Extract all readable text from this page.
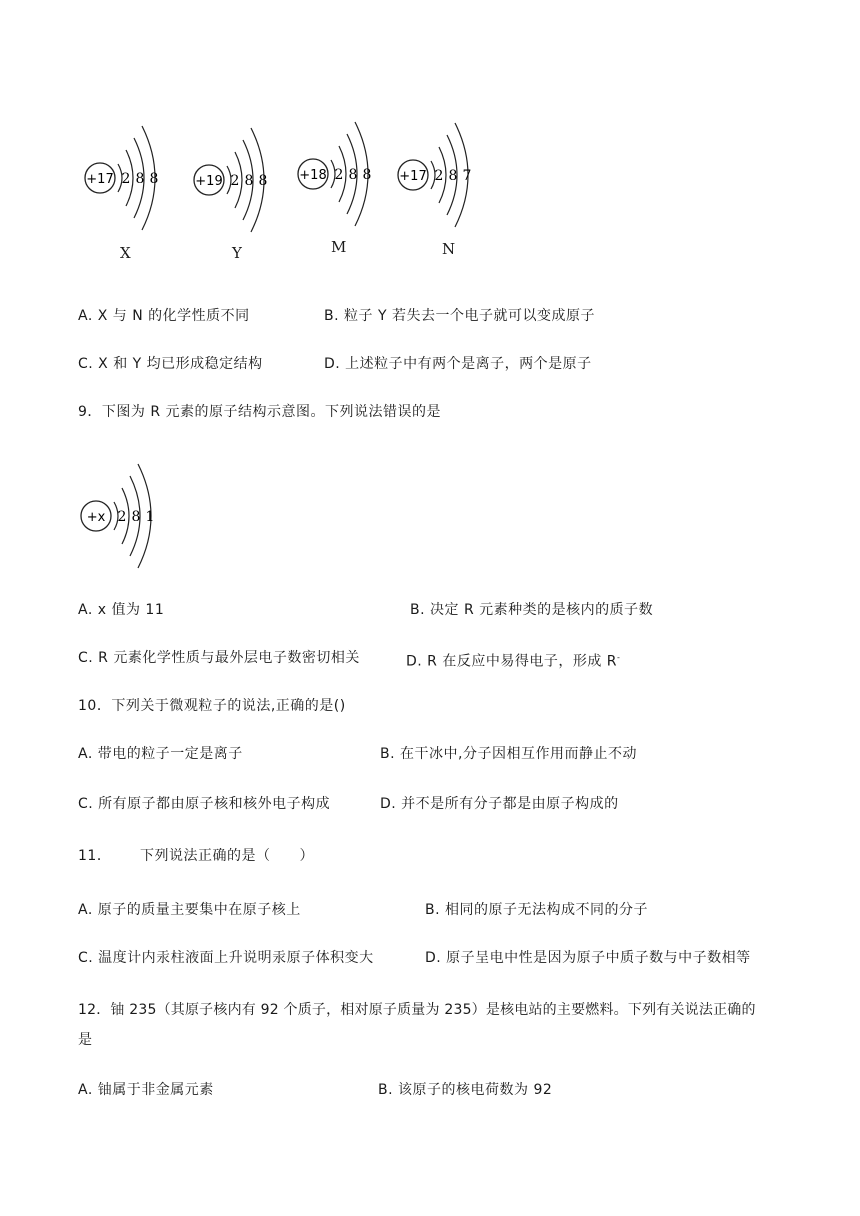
+17 2 8 8
X
+19 2 8 8
Y
+18 2 8 8
M
+17 2 8 7
N
A. X 与 N 的化学性质不同	B. 粒子 Y 若失去一个电子就可以变成原子
C. X 和 Y 均已形成稳定结构	D. 上述粒子中有两个是离子，两个是原子
9．下图为 R 元素的原子结构示意图。下列说法错误的是
+x 2 8 1
A. x 值为 11	B. 决定 R 元素种类的是核内的质子数
C. R 元素化学性质与最外层电子数密切相关	D. R 在反应中易得电子，形成 R-
10．下列关于微观粒子的说法,正确的是()
A. 带电的粒子一定是离子	B. 在干冰中,分子因相互作用而静止不动
C. 所有原子都由原子核和核外电子构成	D. 并不是所有分子都是由原子构成的
11． 下列说法正确的是（　　）
A. 原子的质量主要集中在原子核上	B. 相同的原子无法构成不同的分子
C. 温度计内汞柱液面上升说明汞原子体积变大	D. 原子呈电中性是因为原子中质子数与中子数相等
12．铀 235（其原子核内有 92 个质子，相对原子质量为 235）是核电站的主要燃料。下列有关说法正确的
是
A. 铀属于非金属元素	B. 该原子的核电荷数为 92
